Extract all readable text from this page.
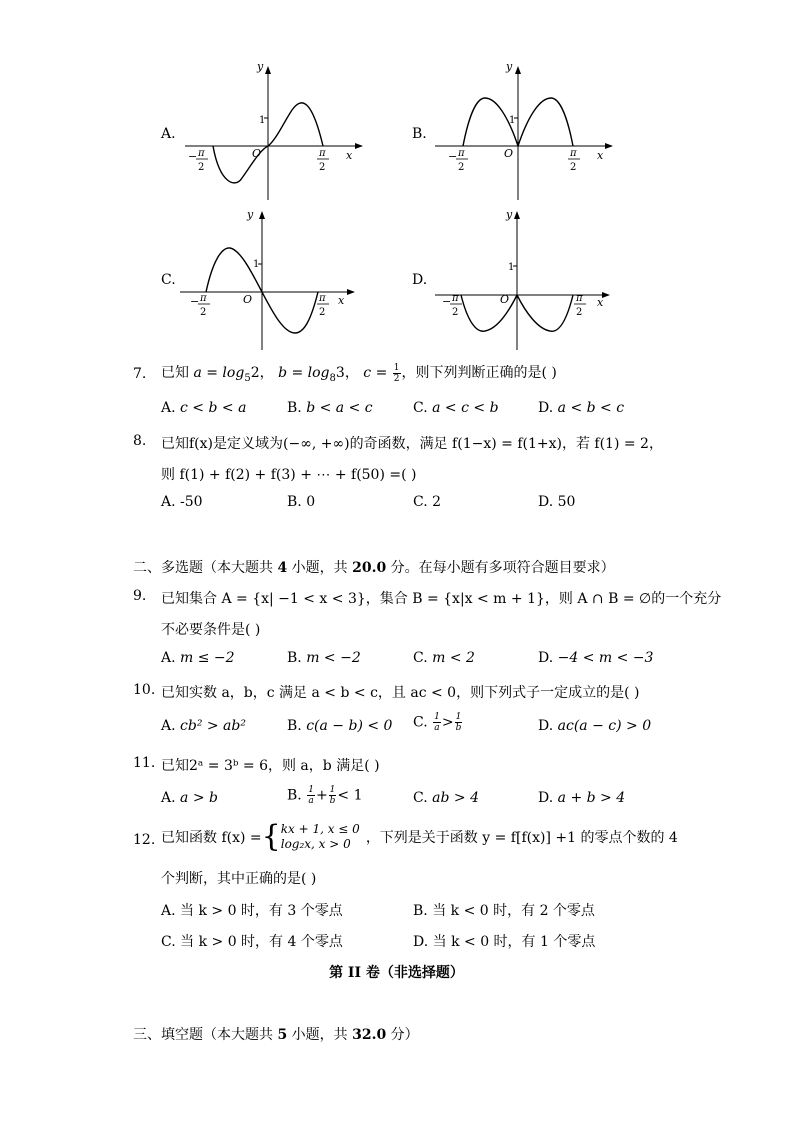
A.
y
x
O
1
− π
2
π
2
B.
y
x
O
1
− π
2
π
2
C.
y
x
O
1
− π
2
π
2
D.
y
x
O
1
− π
2
π
2
7. 已知 $a = \log_52$， $b = \log_83$， $c = \frac{1}{2}$ ，则下列判断正确的是( )
A. c < b < a	B. b < a < c	C. a < c < b	D. a < b < c
8. 已知f(x)是定义域为(−∞, +∞)的奇函数，满足 f(1−x) = f(1+x)，若 f(1) = 2，
则 f(1) + f(2) + f(3) + ⋯ + f(50) =( )
A. -50	B. 0	C. 2	D. 50
二、多选题（本大题共 4 小题，共 20.0 分。在每小题有多项符合题目要求）
9. 已知集合 A = {x| −1 < x < 3}，集合 B = {x|x < m + 1}，则 A ∩ B = ∅的一个充分
不必要条件是( )
A. m ≤ −2	B. m < −2	C. m < 2	D. −4 < m < −3
10. 已知实数 a，b，c 满足 a < b < c，且 ac < 0，则下列式子一定成立的是( )
A. cb² > ab²	B. c(a − b) < 0 C. $\frac{1}{a} > \frac{1}{b}$	D. ac(a − c) > 0
11. 已知2ᵃ = 3ᵇ = 6，则 a，b 满足( )
A. a > b	B. $\frac{1}{a} + \frac{1}{b} < 1$	C. ab > 4	D. a + b > 4
12. 已知函数 f(x) = { kx + 1, x ≤ 0
log₂x, x > 0	，下列是关于函数 y = f[f(x)] +1 的零点个数的 4
个判断，其中正确的是( )
A. 当 k > 0 时，有 3 个零点	B. 当 k < 0 时，有 2 个零点
C. 当 k > 0 时，有 4 个零点	D. 当 k < 0 时，有 1 个零点
第 II 卷（非选择题）
三、填空题（本大题共 5 小题，共 32.0 分）
